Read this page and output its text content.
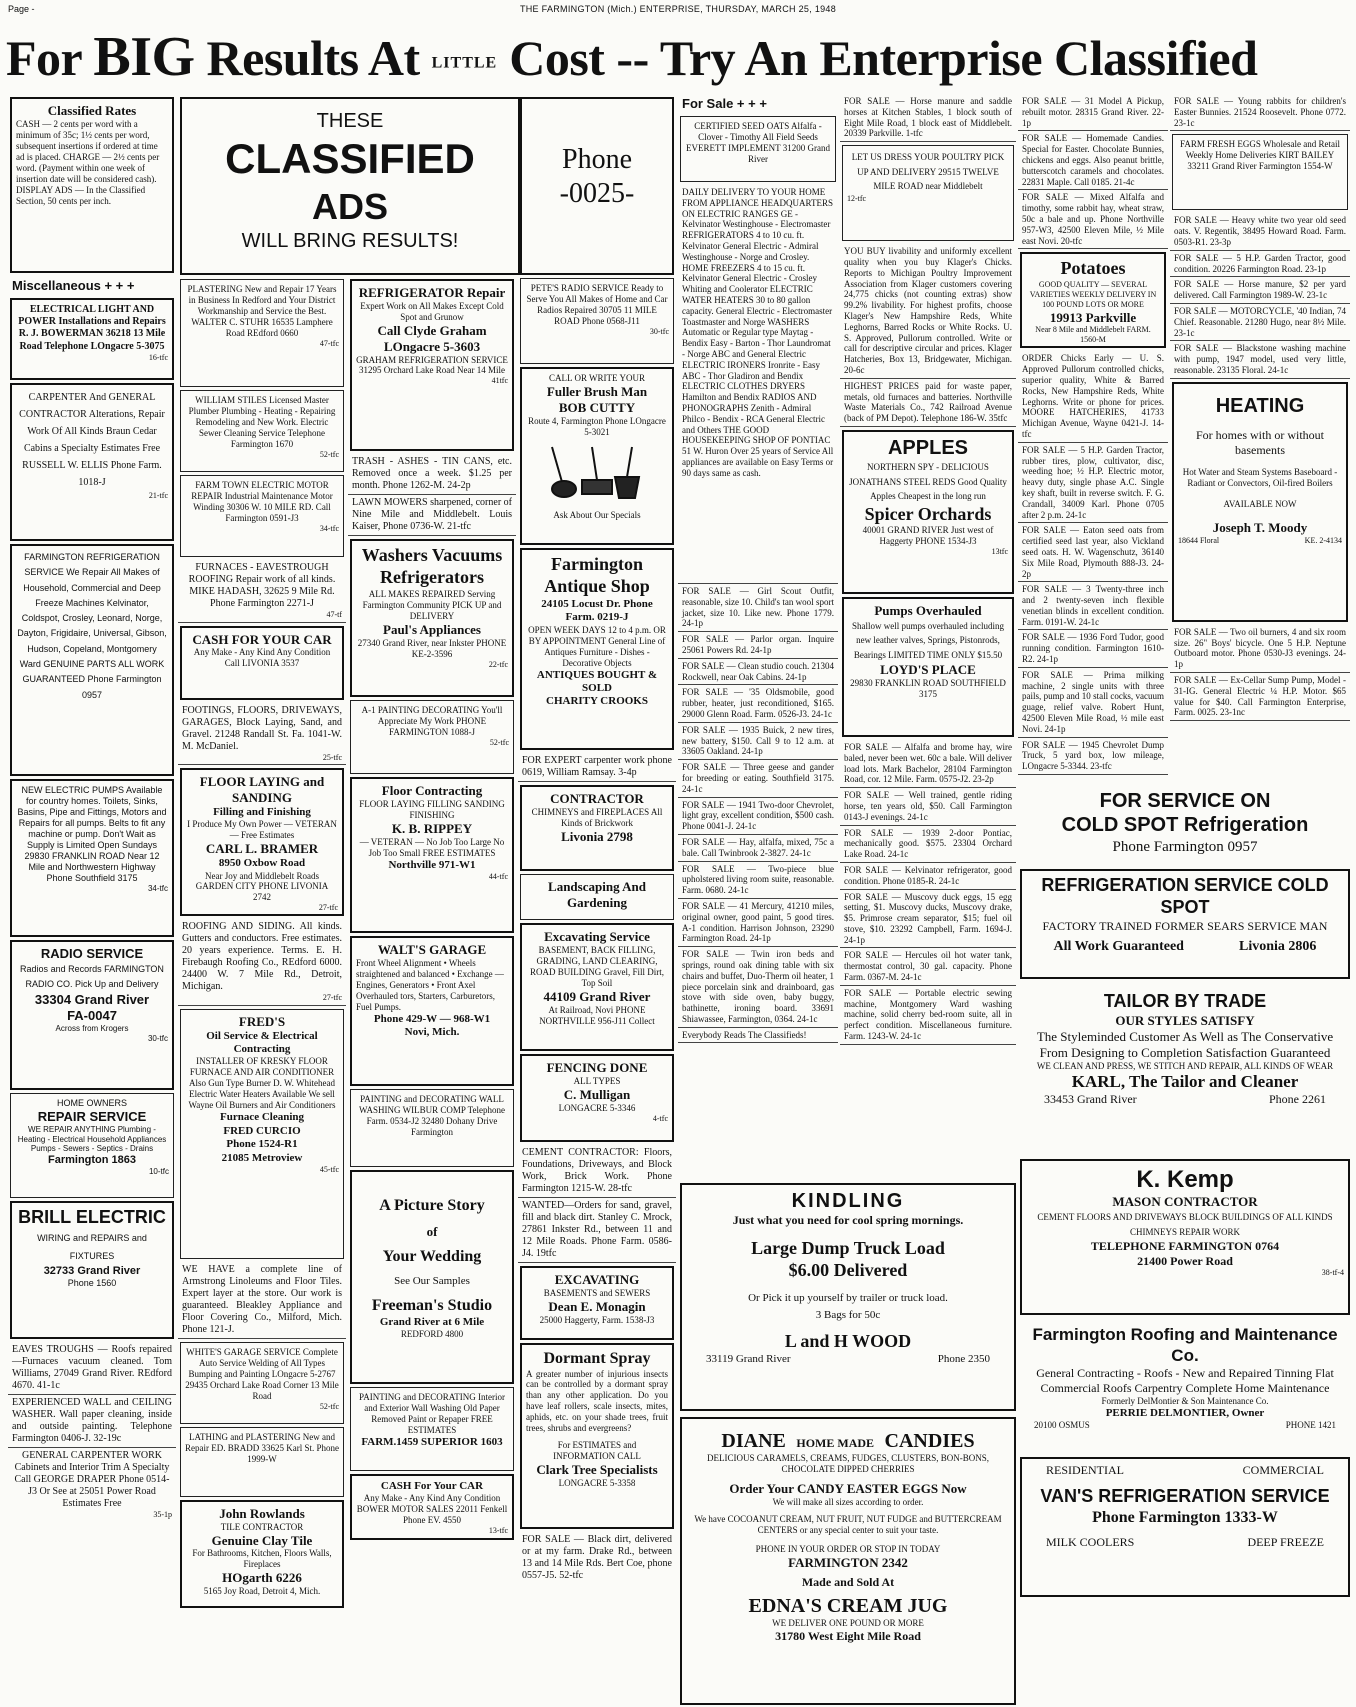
Page -	THE FARMINGTON (Mich.) ENTERPRISE, THURSDAY, MARCH 25, 1948
For BIG Results At LITTLE Cost -- Try An Enterprise Classified
Classified Rates
CASH — 2 cents per word with a minimum of 35c; 1½ cents per word, subsequent insertions if ordered at time ad is placed. CHARGE — 2½ cents per word. (Payment within one week of insertion date will be considered cash). DISPLAY ADS — In the Classified Section, 50 cents per inch.
Miscellaneous + + +
ELECTRICAL LIGHT AND POWER Installations and Repairs R. J. BOWERMAN 36218 13 Mile Road Telephone LOngacre 5-3075
16-tfc
CARPENTER And GENERAL CONTRACTOR Alterations, Repair Work Of All Kinds Braun Cedar Cabins a Specialty Estimates Free RUSSELL W. ELLIS Phone Farm. 1018-J
21-tfc
FARMINGTON REFRIGERATION SERVICE We Repair All Makes of Household, Commercial and Deep Freeze Machines Kelvinator, Coldspot, Crosley, Leonard, Norge, Dayton, Frigidaire, Universal, Gibson, Hudson, Copeland, Montgomery Ward GENUINE PARTS ALL WORK GUARANTEED Phone Farmington 0957
NEW ELECTRIC PUMPS Available for country homes. Toilets, Sinks, Basins, Pipe and Fittings, Motors and Repairs for all pumps. Belts to fit any machine or pump. Don't Wait as Supply is Limited Open Sundays 29830 FRANKLIN ROAD Near 12 Mile and Northwestern Highway Phone Southfield 3175
34-tfc
RADIO SERVICE
Radios and Records FARMINGTON RADIO CO. Pick Up and Delivery
33304 Grand River
FA-0047
Across from Krogers
30-tfc
HOME OWNERS
REPAIR SERVICE
WE REPAIR ANYTHING Plumbing - Heating - Electrical Household Appliances Pumps - Sewers - Septics - Drains
Farmington 1863
10-tfc
BRILL ELECTRIC
WIRING and REPAIRS and FIXTURES
32733 Grand River
Phone 1560
EAVES TROUGHS — Roofs repaired—Furnaces vacuum cleaned. Tom Williams, 27049 Grand River. REdford 4670. 41-1c
EXPERIENCED WALL and CEILING WASHER. Wall paper cleaning, inside and outside painting. Telephone Farmington 0406-J. 32-19c
GENERAL CARPENTER WORK Cabinets and Interior Trim A Specialty Call GEORGE DRAPER Phone 0514-J3 Or See at 25051 Power Road Estimates Free
35-1p
THESE
CLASSIFIED
ADS
WILL BRING RESULTS!
PLASTERING New and Repair 17 Years in Business In Redford and Your District Workmanship and Service the Best. WALTER C. STUHR 16535 Lamphere Road REdford 0660
47-tfc
WILLIAM STILES Licensed Master Plumber Plumbing - Heating - Repairing Remodeling and New Work. Electric Sewer Cleaning Service Telephone Farmington 1670
52-tfc
FARM TOWN ELECTRIC MOTOR REPAIR Industrial Maintenance Motor Winding 30306 W. 10 MILE RD. Call Farmington 0591-J3
34-tfc
FURNACES - EAVESTROUGH ROOFING Repair work of all kinds. MIKE HADASH, 32625 9 Mile Rd. Phone Farmington 2271-J
47-tf
CASH FOR YOUR CAR
Any Make - Any Kind Any Condition Call LIVONIA 3537
FOOTINGS, FLOORS, DRIVEWAYS, GARAGES, Block Laying, Sand, and Gravel. 21248 Randall St. Fa. 1041-W. M. McDaniel.
25-tfc
FLOOR LAYING and SANDING
Filling and Finishing
I Produce My Own Power — VETERAN — Free Estimates
CARL L. BRAMER
8950 Oxbow Road
Near Joy and Middlebelt Roads GARDEN CITY PHONE LIVONIA 2742
27-tfc
ROOFING AND SIDING. All kinds. Gutters and conductors. Free estimates. 20 years experience. Terms. E. H. Firebaugh Roofing Co., REdford 6000. 24400 W. 7 Mile Rd., Detroit, Michigan.
27-tfc
FRED'S
Oil Service & Electrical Contracting
INSTALLER OF KRESKY FLOOR FURNACE AND AIR CONDITIONER Also Gun Type Burner D. W. Whitehead Electric Water Heaters Available We sell Wayne Oil Burners and Air Conditioners
Furnace Cleaning
FRED CURCIO
Phone 1524-R1
21085 Metroview
45-tfc
WE HAVE a complete line of Armstrong Linoleums and Floor Tiles. Expert layer at the store. Our work is guaranteed. Bleakley Appliance and Floor Covering Co., Milford, Mich. Phone 121-J.
WHITE'S GARAGE SERVICE Complete Auto Service Welding of All Types Bumping and Painting LOngacre 5-2767 29435 Orchard Lake Road Corner 13 Mile Road
52-tfc
LATHING and PLASTERING New and Repair ED. BRADD 33625 Karl St. Phone 1999-W
John Rowlands
TILE CONTRACTOR
Genuine Clay Tile
For Bathrooms, Kitchen, Floors Walls, Fireplaces
HOgarth 6226
5165 Joy Road, Detroit 4, Mich.
REFRIGERATOR Repair
Expert Work on All Makes Except Cold Spot and Grunow
Call Clyde Graham
LOngacre 5-3603
GRAHAM REFRIGERATION SERVICE 31295 Orchard Lake Road Near 14 Mile
41tfc
TRASH - ASHES - TIN CANS, etc. Removed once a week. $1.25 per month. Phone 1262-M. 24-2p
LAWN MOWERS sharpened, corner of Nine Mile and Middlebelt. Louis Kaiser, Phone 0736-W. 21-tfc
Washers Vacuums Refrigerators
ALL MAKES REPAIRED Serving Farmington Community PICK UP and DELIVERY
Paul's Appliances
27340 Grand River, near Inkster PHONE KE-2-3596
22-tfc
A-1 PAINTING DECORATING You'll Appreciate My Work PHONE FARMINGTON 1088-J
52-tfc
Floor Contracting
FLOOR LAYING FILLING SANDING FINISHING
K. B. RIPPEY
— VETERAN — No Job Too Large No Job Too Small FREE ESTIMATES
Northville 971-W1
44-tfc
WALT'S GARAGE
Front Wheel Alignment • Wheels straightened and balanced • Exchange — Engines, Generators • Front Axel Overhauled tors, Starters, Carburetors, Fuel Pumps.
Phone 429-W — 968-W1
Novi, Mich.
PAINTING and DECORATING WALL WASHING WILBUR COMP Telephone Farm. 0534-J2 32480 Dohany Drive Farmington
A Picture Story
of
Your Wedding
See Our Samples
Freeman's Studio
Grand River at 6 Mile
REDFORD 4800
PAINTING and DECORATING Interior and Exterior Wall Washing Old Paper Removed Paint or Repaper FREE ESTIMATES
FARM.1459 SUPERIOR 1603
CASH For Your CAR
Any Make - Any Kind Any Condition BOWER MOTOR SALES 22011 Fenkell Phone EV. 4550
13-tfc
Phone
-0025-
PETE'S RADIO SERVICE Ready to Serve You All Makes of Home and Car Radios Repaired 30705 11 MILE ROAD Phone 0568-J11
30-tfc
CALL OR WRITE YOUR
Fuller Brush Man
BOB CUTTY
Route 4, Farmington Phone LOngacre 5-3021
Ask About Our Specials
Farmington Antique Shop
24105 Locust Dr. Phone Farm. 0219-J
OPEN WEEK DAYS 12 to 4 p.m. OR BY APPOINTMENT General Line of Antiques Furniture - Dishes - Decorative Objects
ANTIQUES BOUGHT & SOLD
CHARITY CROOKS
FOR EXPERT carpenter work phone 0619, William Ramsay. 3-4p
CONTRACTOR
CHIMNEYS and FIREPLACES All Kinds of Brickwork
Livonia 2798
Landscaping And Gardening
Excavating Service
BASEMENT, BACK FILLING, GRADING, LAND CLEARING, ROAD BUILDING Gravel, Fill Dirt, Top Soil
44109 Grand River
At Railroad, Novi PHONE NORTHVILLE 956-J11 Collect
FENCING DONE
ALL TYPES
C. Mulligan
LONGACRE 5-3346
4-tfc
CEMENT CONTRACTOR: Floors, Foundations, Driveways, and Block Work, Brick Work. Phone Farmington 1215-W. 28-tfc
WANTED—Orders for sand, gravel, fill and black dirt. Stanley C. Mrock, 27861 Inkster Rd., between 11 and 12 Mile Roads. Phone Farm. 0586-J4. 19tfc
EXCAVATING
BASEMENTS and SEWERS
Dean E. Monagin
25000 Haggerty, Farm. 1538-J3
Dormant Spray
A greater number of injurious insects can be controlled by a dormant spray than any other application. Do you have leaf rollers, scale insects, mites, aphids, etc. on your shade trees, fruit trees, shrubs and evergreens?
For ESTIMATES and INFORMATION CALL
Clark Tree Specialists
LONGACRE 5-3358
FOR SALE — Black dirt, delivered or at my farm. Drake Rd., between 13 and 14 Mile Rds. Bert Coe, phone 0557-J5. 52-tfc
For Sale + + +
CERTIFIED SEED OATS Alfalfa - Clover - Timothy All Field Seeds EVERETT IMPLEMENT 31200 Grand River
DAILY DELIVERY TO YOUR HOME FROM APPLIANCE HEADQUARTERS ON ELECTRIC RANGES GE - Kelvinator Westinghouse - Electromaster REFRIGERATORS 4 to 10 cu. ft. Kelvinator General Electric - Admiral Westinghouse - Norge and Crosley. HOME FREEZERS 4 to 15 cu. ft. Kelvinator General Electric - Crosley Whiting and Coolerator ELECTRIC WATER HEATERS 30 to 80 gallon capacity. General Electric - Electromaster Toastmaster and Norge WASHERS Automatic or Regular type Maytag - Bendix Easy - Barton - Thor Laundromat - Norge ABC and General Electric ELECTRIC IRONERS Ironrite - Easy ABC - Thor Gladiron and Bendix ELECTRIC CLOTHES DRYERS Hamilton and Bendix RADIOS AND PHONOGRAPHS Zenith - Admiral Philco - Bendix - RCA General Electric and Others THE GOOD HOUSEKEEPING SHOP OF PONTIAC 51 W. Huron Over 25 years of Service All appliances are available on Easy Terms or 90 days same as cash.
FOR SALE — Girl Scout Outfit, reasonable, size 10. Child's tan wool sport jacket, size 10. Like new. Phone 1779. 24-1p
FOR SALE — Parlor organ. Inquire 25061 Powers Rd. 24-1p
FOR SALE — Clean studio couch. 21304 Rockwell, near Oak Cabins. 24-1p
FOR SALE — '35 Oldsmobile, good rubber, heater, just reconditioned, $165. 29000 Glenn Road. Farm. 0526-J3. 24-1c
FOR SALE — 1935 Buick, 2 new tires, new battery, $150. Call 9 to 12 a.m. at 33605 Oakland. 24-1p
FOR SALE — Three geese and gander for breeding or eating. Southfield 3175. 24-1c
FOR SALE — 1941 Two-door Chevrolet, light gray, excellent condition, $500 cash. Phone 0041-J. 24-1c
FOR SALE — Hay, alfalfa, mixed, 75c a bale. Call Twinbrook 2-3827. 24-1c
FOR SALE — Two-piece blue upholstered living room suite, reasonable. Farm. 0680. 24-1c
FOR SALE — 41 Mercury, 41210 miles, original owner, good paint, 5 good tires. A-1 condition. Harrison Johnson, 23290 Farmington Road. 24-1p
FOR SALE — Twin iron beds and springs, round oak dining table with six chairs and buffet, Duo-Therm oil heater, 1 piece porcelain sink and drainboard, gas stove with side oven, baby buggy, bathinette, ironing board. 33691 Shiawassee, Farmington, 0364. 24-1c
Everybody Reads The Classifieds!
KINDLING
Just what you need for cool spring mornings.
Large Dump Truck Load
$6.00 Delivered
Or Pick it up yourself by trailer or truck load.
3 Bags for 50c
L and H WOOD
33119 Grand River	Phone 2350
DIANE HOME MADE CANDIES
DELICIOUS CARAMELS, CREAMS, FUDGES, CLUSTERS, BON-BONS, CHOCOLATE DIPPED CHERRIES
Order Your CANDY EASTER EGGS Now
We will make all sizes according to order.
We have COCOANUT CREAM, NUT FRUIT, NUT FUDGE and BUTTERCREAM CENTERS or any special center to suit your taste.
PHONE IN YOUR ORDER OR STOP IN TODAY
FARMINGTON 2342
Made and Sold At
EDNA'S CREAM JUG
WE DELIVER ONE POUND OR MORE
31780 West Eight Mile Road
FOR SALE — Horse manure and saddle horses at Kitchen Stables, 1 block south of Eight Mile Road, 1 block east of Middlebelt. 20339 Parkville. 1-tfc
LET US DRESS YOUR POULTRY PICK UP AND DELIVERY 29515 TWELVE MILE ROAD near Middlebelt
12-tfc
YOU BUY livability and uniformly excellent quality when you buy Klager's Chicks. Reports to Michigan Poultry Improvement Association from Klager customers covering 24,775 chicks (not counting extras) show 99.2% livability. For highest profits, choose Klager's New Hampshire Reds, White Leghorns, Barred Rocks or White Rocks. U. S. Approved, Pullorum controlled. Write or call for descriptive circular and prices. Klager Hatcheries, Box 13, Bridgewater, Michigan. 20-6c
HIGHEST PRICES paid for waste paper, metals, old furnaces and batteries. Northville Waste Materials Co., 742 Railroad Avenue (back of PM Depot). Telephone 186-W. 35tfc
APPLES
NORTHERN SPY - DELICIOUS JONATHANS STEEL REDS Good Quality Apples Cheapest in the long run
Spicer Orchards
40001 GRAND RIVER Just west of Haggerty PHONE 1534-J3
13tfc
Pumps Overhauled
Shallow well pumps overhauled including new leather valves, Springs, Pistonrods, Bearings LIMITED TIME ONLY $15.50
LOYD'S PLACE
29830 FRANKLIN ROAD SOUTHFIELD 3175
FOR SALE — Alfalfa and brome hay, wire baled, never been wet. 60c a bale. Will deliver load lots. Mark Bachelor, 28104 Farmington Road, cor. 12 Mile. Farm. 0575-J2. 23-2p
FOR SALE — Well trained, gentle riding horse, ten years old, $50. Call Farmington 0143-J evenings. 24-1c
FOR SALE — 1939 2-door Pontiac, mechanically good. $575. 23304 Orchard Lake Road. 24-1c
FOR SALE — Kelvinator refrigerator, good condition. Phone 0185-R. 24-1c
FOR SALE — Muscovy duck eggs, 15 egg setting, $1. Muscovy ducks, Muscovy drake, $5. Primrose cream separator, $15; fuel oil stove, $10. 23292 Campbell, Farm. 1694-J. 24-1p
FOR SALE — Hercules oil hot water tank, thermostat control, 30 gal. capacity. Phone Farm. 0367-M. 24-1c
FOR SALE — Portable electric sewing machine, Montgomery Ward washing machine, solid cherry bed-room suite, all in perfect condition. Miscellaneous furniture. Farm. 1243-W. 24-1c
FOR SALE — 31 Model A Pickup, rebuilt motor. 28315 Grand River. 22-1p
FOR SALE — Homemade Candies. Special for Easter. Chocolate Bunnies, chickens and eggs. Also peanut brittle, butterscotch caramels and chocolates. 22831 Maple. Call 0185. 21-4c
FOR SALE — Mixed Alfalfa and timothy, some rabbit hay, wheat straw, 50c a bale and up. Phone Northville 957-W3, 42500 Eleven Mile, ½ Mile east Novi. 20-tfc
Potatoes
GOOD QUALITY — SEVERAL VARIETIES WEEKLY DELIVERY IN 100 POUND LOTS OR MORE
19913 Parkville
Near 8 Mile and Middlebelt FARM. 1560-M
ORDER Chicks Early — U. S. Approved Pullorum controlled chicks, superior quality, White & Barred Rocks, New Hampshire Reds, White Leghorns. Write or phone for prices. MOORE HATCHERIES, 41733 Michigan Avenue, Wayne 0421-J. 14-tfc
FOR SALE — 5 H.P. Garden Tractor, rubber tires, plow, cultivator, disc, weeding hoe; ½ H.P. Electric motor, heavy duty, single phase A.C. Single key shaft, built in reverse switch. F. G. Crandall, 34009 Karl. Phone 0705 after 2 p.m. 24-1c
FOR SALE — Eaton seed oats from certified seed last year, also Vickland seed oats. H. W. Wagenschutz, 36140 Six Mile Road, Plymouth 888-J3. 24-2p
FOR SALE — 3 Twenty-three inch and 2 twenty-seven inch flexible venetian blinds in excellent condition. Farm. 0191-W. 24-1c
FOR SALE — 1936 Ford Tudor, good running condition. Farmington 1610-R2. 24-1p
FOR SALE — Prima milking machine, 2 single units with three pails, pump and 10 stall cocks, vacuum guage, relief valve. Robert Hunt, 42500 Eleven Mile Road, ½ mile east Novi. 24-1p
FOR SALE — 1945 Chevrolet Dump Truck, 5 yard box, low mileage, LOngacre 5-3344. 23-tfc
FOR SALE — Young rabbits for children's Easter Bunnies. 21524 Roosevelt. Phone 0772. 23-1c
FARM FRESH EGGS Wholesale and Retail Weekly Home Deliveries KIRT BAILEY 33211 Grand River Farmington 1554-W
FOR SALE — Heavy white two year old seed oats. V. Regentik, 38495 Howard Road. Farm. 0503-R1. 23-3p
FOR SALE — 5 H.P. Garden Tractor, good condition. 20226 Farmington Road. 23-1p
FOR SALE — Horse manure, $2 per yard delivered. Call Farmington 1989-W. 23-1c
FOR SALE — MOTORCYCLE, '40 Indian, 74 Chief. Reasonable. 21280 Hugo, near 8½ Mile. 23-1c
FOR SALE — Blackstone washing machine with pump, 1947 model, used very little, reasonable. 23135 Floral. 24-1c
HEATING
For homes with or without basements
Hot Water and Steam Systems Baseboard - Radiant or Convectors, Oil-fired Boilers
AVAILABLE NOW
Joseph T. Moody
18644 Floral	KE. 2-4134
FOR SALE — Two oil burners, 4 and six room size. 26" Boys' bicycle. One 5 H.P. Neptune Outboard motor. Phone 0530-J3 evenings. 24-1p
FOR SALE — Ex-Cellar Sump Pump, Model - 31-IG. General Electric ¼ H.P. Motor. $65 value for $40. Call Farmington Enterprise, Farm. 0025. 23-1nc
FOR SERVICE ON
COLD SPOT Refrigeration
Phone Farmington 0957
REFRIGERATION SERVICE COLD SPOT
FACTORY TRAINED FORMER SEARS SERVICE MAN
All Work Guaranteed	Livonia 2806
TAILOR BY TRADE
OUR STYLES SATISFY
The Styleminded Customer As Well as The Conservative From Designing to Completion Satisfaction Guaranteed
WE CLEAN AND PRESS, WE STITCH AND REPAIR, ALL KINDS OF WEAR
KARL, The Tailor and Cleaner
33453 Grand River	Phone 2261
K. Kemp
MASON CONTRACTOR
CEMENT FLOORS AND DRIVEWAYS BLOCK BUILDINGS OF ALL KINDS CHIMNEYS REPAIR WORK
TELEPHONE FARMINGTON 0764
21400 Power Road
38-tf-4
Farmington Roofing and Maintenance Co.
General Contracting - Roofs - New and Repaired Tinning Flat Commercial Roofs Carpentry Complete Home Maintenance
Formerly DelMontier & Son Maintenance Co.
PERRIE DELMONTIER, Owner
20100 OSMUS	PHONE 1421
RESIDENTIAL	COMMERCIAL
VAN'S REFRIGERATION SERVICE
Phone Farmington 1333-W
MILK COOLERS	DEEP FREEZE
